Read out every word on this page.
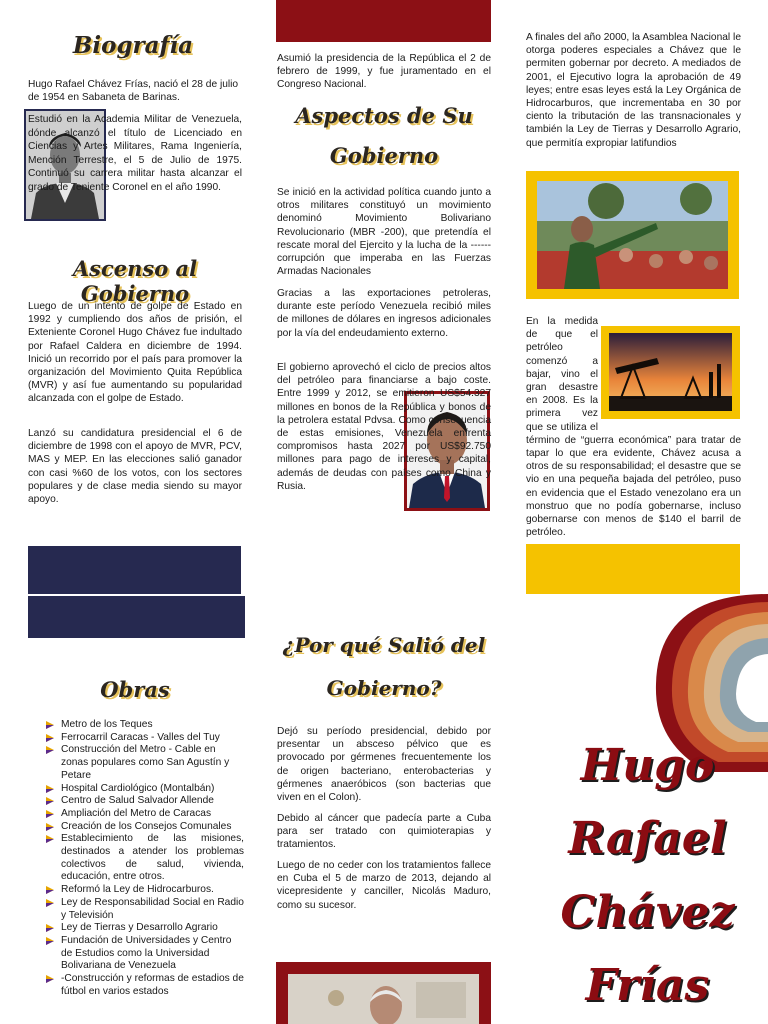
Biografía

Hugo Rafael Chávez Frías, nació el 28 de julio de 1954 en Sabaneta de Barinas.

Estudió en la Academia Militar de Venezuela, dónde alcanzó el título de Licenciado en Ciencias y Artes Militares, Rama Ingeniería, Mención Terrestre, el 5 de Julio de 1975. Continuó su carrera militar hasta alcanzar el grado de Teniente Coronel en el año 1990.

Ascenso al Gobierno

Luego de un intento de golpe de Estado en 1992 y cumpliendo dos años de prisión, el Exteniente Coronel Hugo Chávez fue indultado por Rafael Caldera en diciembre de 1994. Inició un recorrido por el país para promover la organización del Movimiento Quita República (MVR) y así fue aumentando su popularidad alcanzada con el golpe de Estado.

Lanzó su candidatura presidencial el 6 de diciembre de 1998 con el apoyo de MVR, PCV, MAS y MEP. En las elecciones salió ganador con casi %60 de los votos, con los sectores populares y de clase media siendo su mayor apoyo.

Obras
Metro de los Teques
Ferrocarril Caracas - Valles del Tuy
Construcción del Metro - Cable en zonas populares como San Agustín y Petare
Hospital Cardiológico (Montalbán)
Centro de Salud Salvador Allende
Ampliación del Metro de Caracas
Creación de los Consejos Comunales
Establecimiento de las misiones, destinados a atender los problemas colectivos de salud, vivienda, educación, entre otros.
Reformó la Ley de Hidrocarburos.
Ley de Responsabilidad Social en Radio y Televisión
Ley de Tierras y Desarrollo Agrario
Fundación de Universidades y Centro de Estudios como la Universidad Bolivariana de Venezuela
-Construcción y reformas de estadios de fútbol en varios estados

Asumió la presidencia de la República el 2 de febrero de 1999, y fue juramentado en el Congreso Nacional.

Aspectos de Su
Gobierno

Se inició en la actividad política cuando junto a otros militares constituyó un movimiento denominó Movimiento Bolivariano Revolucionario (MBR -200), que pretendía el rescate moral del Ejercito y la lucha de la ------corrupción que imperaba en las Fuerzas Armadas Nacionales

Gracias a las exportaciones petroleras, durante este período Venezuela recibió miles de millones de dólares en ingresos adicionales por la vía del endeudamiento externo.

El gobierno aprovechó el ciclo de precios altos del petróleo para financiarse a bajo coste. Entre 1999 y 2012, se emitieron US$54.327 millones en bonos de la República y bonos de la petrolera estatal Pdvsa. Como consecuencia de estas emisiones, Venezuela enfrenta compromisos hasta 2027 por US$92.750 millones para pago de intereses y capital, además de deudas con países como China y Rusia.

¿Por qué Salió del
Gobierno?

Dejó su período presidencial, debido por presentar un absceso pélvico que es provocado por gérmenes frecuentemente los de origen bacteriano, enterobacterias y gérmenes anaeróbicos (son bacterias que viven en el Colon).

Debido al cáncer que padecía parte a Cuba para ser tratado con quimioterapias y tratamientos.

Luego de no ceder con los tratamientos fallece en Cuba el 5 de marzo de 2013, dejando al vicepresidente y canciller, Nicolás Maduro, como su sucesor.

A finales del año 2000, la Asamblea Nacional le otorga poderes especiales a Chávez que le permiten gobernar por decreto. A mediados de 2001, el Ejecutivo logra la aprobación de 49 leyes; entre esas leyes está la Ley Orgánica de Hidrocarburos, que incrementaba en 30 por ciento la tributación de las transnacionales y también la Ley de Tierras y Desarrollo Agrario, que permitía expropiar latifundios

En la medida de que el petróleo comenzó a bajar, vino el gran desastre en 2008. Es la primera vez que se utiliza el término de “guerra económica” para tratar de tapar lo que era evidente, Chávez acusa a otros de su responsabilidad; el desastre que se vio en una pequeña bajada del petróleo, puso en evidencia que el Estado venezolano era un monstruo que no podía gobernarse, incluso gobernarse con menos de $140 el barril de petróleo.

Hugo
Rafael
Chávez
Frías
